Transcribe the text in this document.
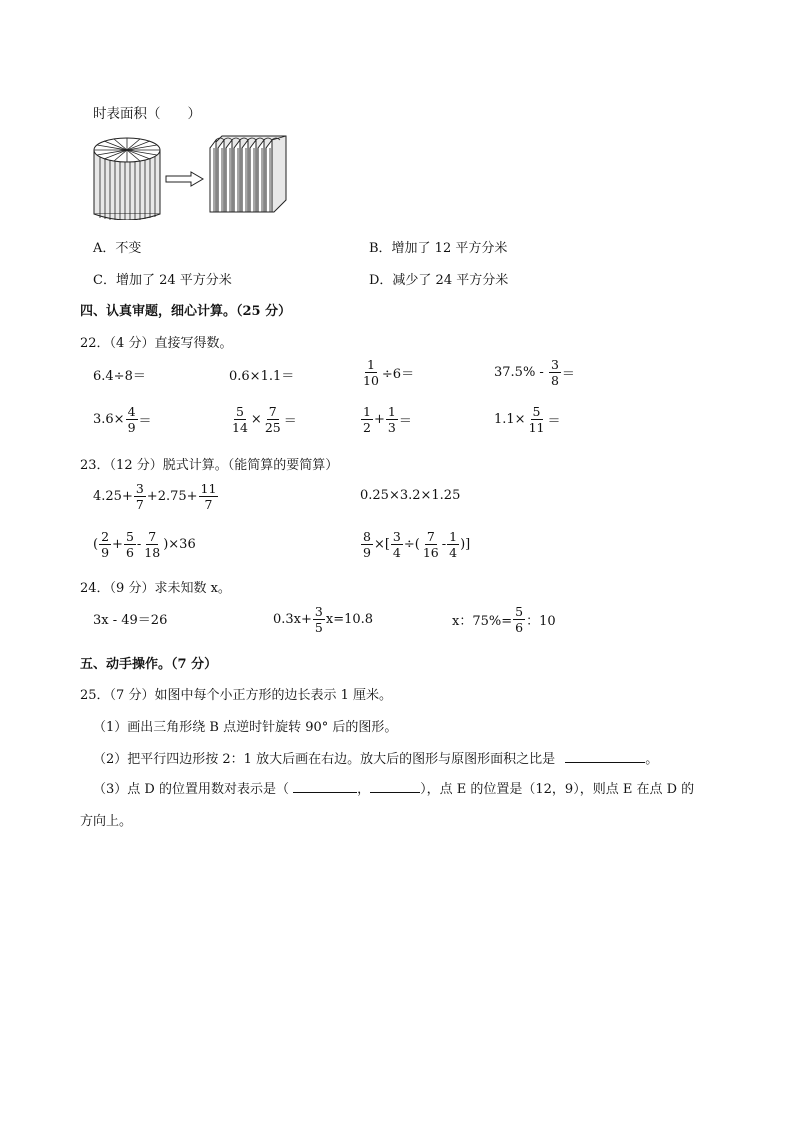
时表面积（　　）
A．不变	B．增加了 12 平方分米
C．增加了 24 平方分米	D．减少了 24 平方分米
四、认真审题，细心计算。（25 分）
22．（4 分）直接写得数。
6.4÷8＝	0.6×1.1＝	$\frac{1}{10} \div 6=$	$37.5\% - \frac{3}{8}$ ＝
$3.6\times \frac{4}{9}$ ＝	$\frac{5}{14} \times \frac{7}{25}$ ＝	$\frac{1}{2} + \frac{1}{3}$ ＝	$1.1\times \frac{5}{11}$ ＝
23．（12 分）脱式计算。（能简算的要简算）
$4.25+ \frac{3}{7} +2.75+ \frac{11}{7}$	0.25×3.2×1.25
( $\frac{2}{9} + \frac{5}{6} - \frac{7}{18} )\times 36$	$\frac{8}{9}$ ×[ $\frac{3}{4}$ ÷( $\frac{7}{16} - \frac{1}{4}$ )]
24．（9 分）求未知数 x。
3x - 49＝26	$0.3x+ \frac{3}{5} x=10.8$	x：$75\%= \frac{5}{6}$ ：10
五、动手操作。（7 分）
25．（7 分）如图中每个小正方形的边长表示 1 厘米。
（1）画出三角形绕 B 点逆时针旋转 90° 后的图形。
（2）把平行四边形按 2：1 放大后画在右边。放大后的图形与原图形面积之比是	。
（3）点 D 的位置用数对表示是（	，	），点 E 的位置是（12，9），则点 E 在点 D 的
方向上。
